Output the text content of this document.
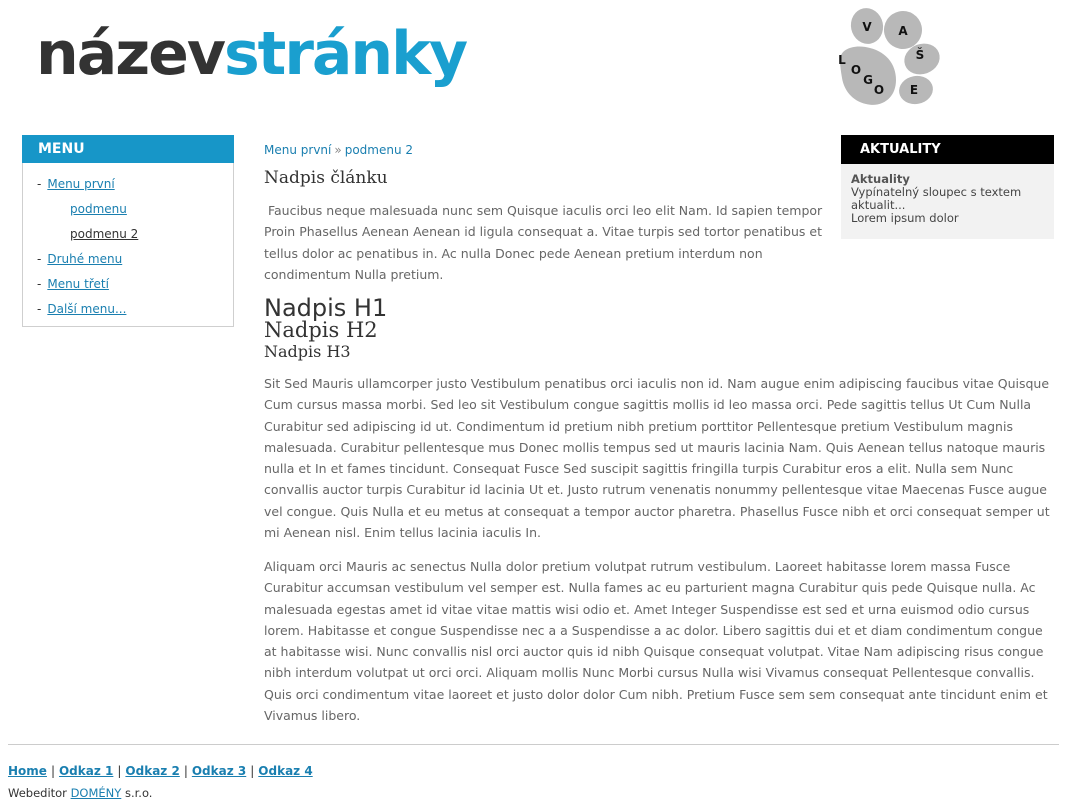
názevstránky	V A
Š
L
O
G
O E
MENU
- Menu první
podmenu
podmenu 2
- Druhé menu
- Menu třetí
- Další menu...
Menu první » podmenu 2
Nadpis článku

Faucibus neque malesuada nunc sem Quisque iaculis orci leo elit Nam. Id sapien tempor Proin Phasellus Aenean Aenean id ligula consequat a. Vitae turpis sed tortor penatibus et tellus dolor ac penatibus in. Ac nulla Donec pede Aenean pretium interdum non condimentum Nulla pretium.

Nadpis H1
Nadpis H2
Nadpis H3

Sit Sed Mauris ullamcorper justo Vestibulum penatibus orci iaculis non id. Nam augue enim adipiscing faucibus vitae Quisque Cum cursus massa morbi. Sed leo sit Vestibulum congue sagittis mollis id leo massa orci. Pede sagittis tellus Ut Cum Nulla Curabitur sed adipiscing id ut. Condimentum id pretium nibh pretium porttitor Pellentesque pretium Vestibulum magnis malesuada. Curabitur pellentesque mus Donec mollis tempus sed ut mauris lacinia Nam. Quis Aenean tellus natoque mauris nulla et In et fames tincidunt. Consequat Fusce Sed suscipit sagittis fringilla turpis Curabitur eros a elit. Nulla sem Nunc convallis auctor turpis Curabitur id lacinia Ut et. Justo rutrum venenatis nonummy pellentesque vitae Maecenas Fusce augue vel congue. Quis Nulla et eu metus at consequat a tempor auctor pharetra. Phasellus Fusce nibh et orci consequat semper ut mi Aenean nisl. Enim tellus lacinia iaculis In.

Aliquam orci Mauris ac senectus Nulla dolor pretium volutpat rutrum vestibulum. Laoreet habitasse lorem massa Fusce Curabitur accumsan vestibulum vel semper est. Nulla fames ac eu parturient magna Curabitur quis pede Quisque nulla. Ac malesuada egestas amet id vitae vitae mattis wisi odio et. Amet Integer Suspendisse est sed et urna euismod odio cursus lorem. Habitasse et congue Suspendisse nec a a Suspendisse a ac dolor. Libero sagittis dui et et diam condimentum congue at habitasse wisi. Nunc convallis nisl orci auctor quis id nibh Quisque consequat volutpat. Vitae Nam adipiscing risus congue nibh interdum volutpat ut orci orci. Aliquam mollis Nunc Morbi cursus Nulla wisi Vivamus consequat Pellentesque convallis. Quis orci condimentum vitae laoreet et justo dolor dolor Cum nibh. Pretium Fusce sem sem consequat ante tincidunt enim et Vivamus libero.

AKTUALITY
Aktuality
Vypínatelný sloupec s textem aktualit...
Lorem ipsum dolor
Home | Odkaz 1 | Odkaz 2 | Odkaz 3 | Odkaz 4
Webeditor DOMÉNY s.r.o.
